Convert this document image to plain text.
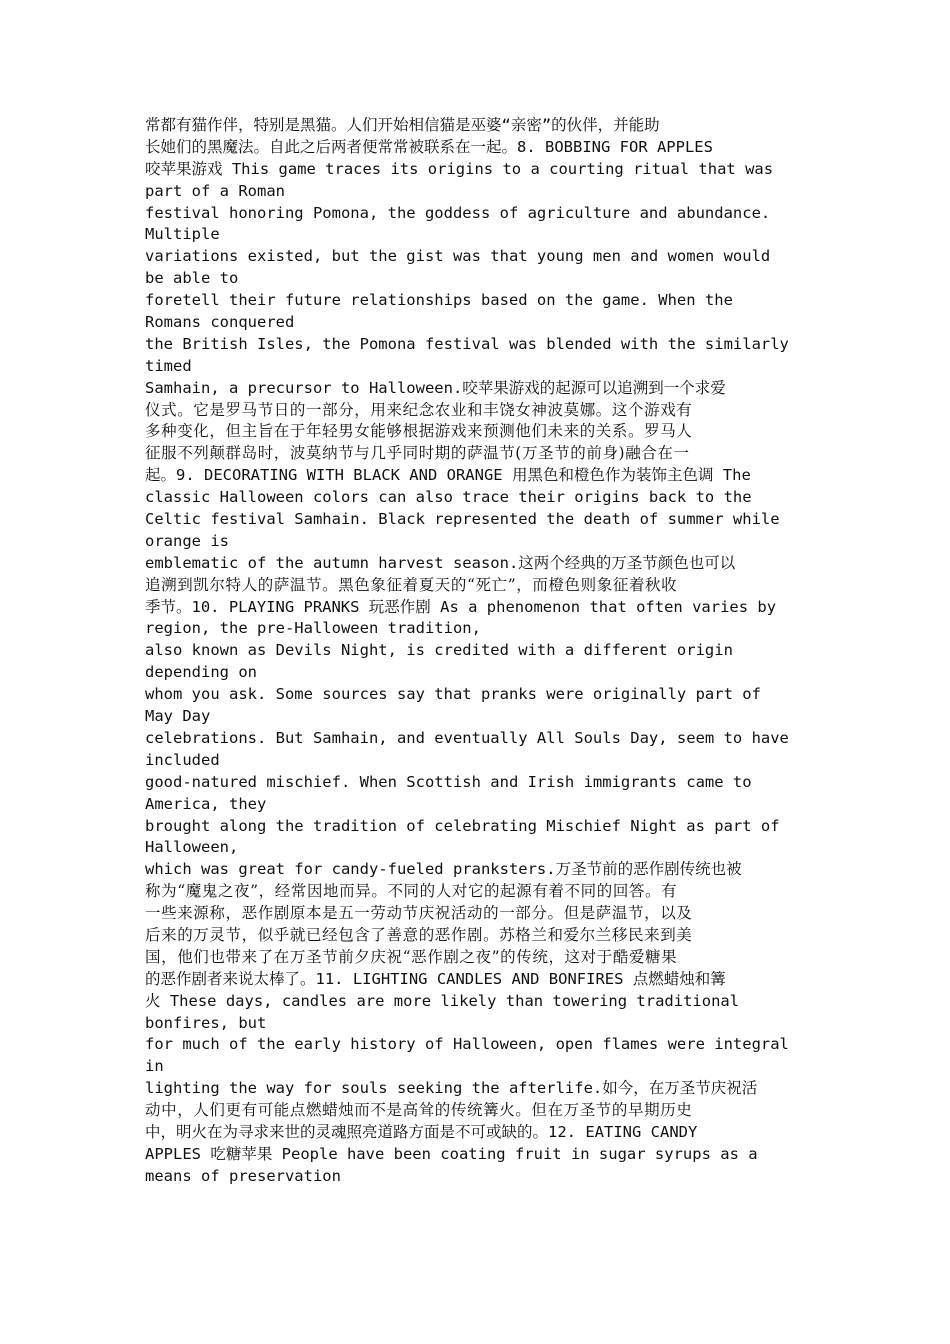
常都有猫作伴，特别是黑猫。人们开始相信猫是巫婆“亲密”的伙伴，并能助
长她们的黑魔法。自此之后两者便常常被联系在一起。8. BOBBING FOR APPLES
咬苹果游戏 This game traces its origins to a courting ritual that was
part of a Roman
festival honoring Pomona, the goddess of agriculture and abundance.
Multiple
variations existed, but the gist was that young men and women would
be able to
foretell their future relationships based on the game. When the
Romans conquered
the British Isles, the Pomona festival was blended with the similarly
timed
Samhain, a precursor to Halloween.咬苹果游戏的起源可以追溯到一个求爱
仪式。它是罗马节日的一部分，用来纪念农业和丰饶女神波莫娜。这个游戏有
多种变化，但主旨在于年轻男女能够根据游戏来预测他们未来的关系。罗马人
征服不列颠群岛时，波莫纳节与几乎同时期的萨温节(万圣节的前身)融合在一
起。9. DECORATING WITH BLACK AND ORANGE 用黑色和橙色作为装饰主色调 The
classic Halloween colors can also trace their origins back to the
Celtic festival Samhain. Black represented the death of summer while
orange is
emblematic of the autumn harvest season.这两个经典的万圣节颜色也可以
追溯到凯尔特人的萨温节。黑色象征着夏天的“死亡”，而橙色则象征着秋收
季节。10. PLAYING PRANKS 玩恶作剧 As a phenomenon that often varies by
region, the pre-Halloween tradition,
also known as Devils Night, is credited with a different origin
depending on
whom you ask. Some sources say that pranks were originally part of
May Day
celebrations. But Samhain, and eventually All Souls Day, seem to have
included
good-natured mischief. When Scottish and Irish immigrants came to
America, they
brought along the tradition of celebrating Mischief Night as part of
Halloween,
which was great for candy-fueled pranksters.万圣节前的恶作剧传统也被
称为“魔鬼之夜”，经常因地而异。不同的人对它的起源有着不同的回答。有
一些来源称，恶作剧原本是五一劳动节庆祝活动的一部分。但是萨温节，以及
后来的万灵节，似乎就已经包含了善意的恶作剧。苏格兰和爱尔兰移民来到美
国，他们也带来了在万圣节前夕庆祝“恶作剧之夜”的传统，这对于酷爱糖果
的恶作剧者来说太棒了。11. LIGHTING CANDLES AND BONFIRES 点燃蜡烛和篝
火 These days, candles are more likely than towering traditional
bonfires, but
for much of the early history of Halloween, open flames were integral
in
lighting the way for souls seeking the afterlife.如今，在万圣节庆祝活
动中，人们更有可能点燃蜡烛而不是高耸的传统篝火。但在万圣节的早期历史
中，明火在为寻求来世的灵魂照亮道路方面是不可或缺的。12. EATING CANDY
APPLES 吃糖苹果 People have been coating fruit in sugar syrups as a
means of preservation
